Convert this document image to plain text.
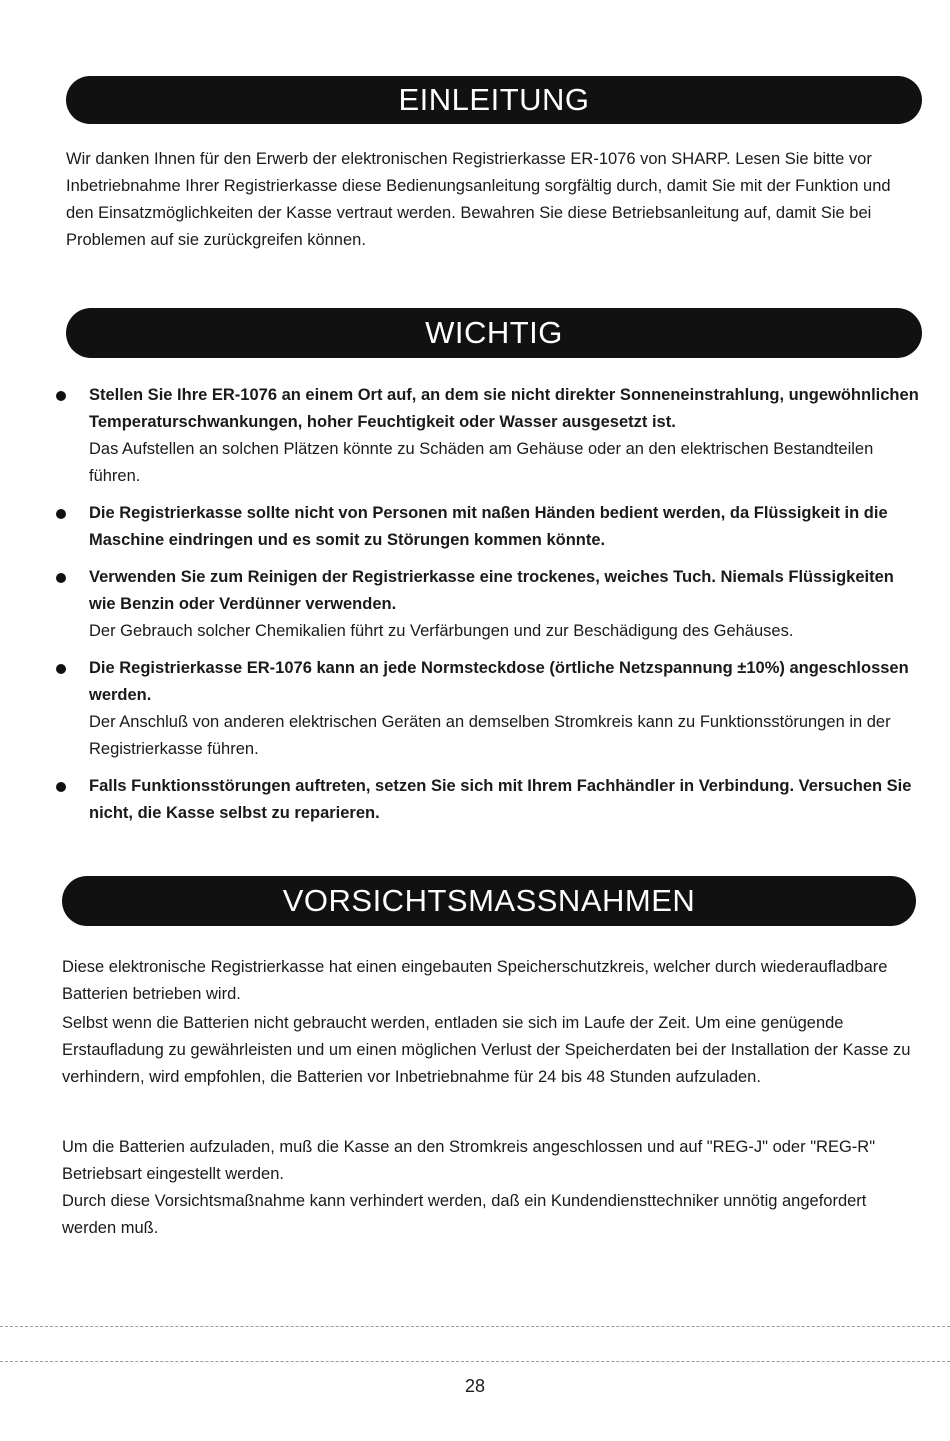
EINLEITUNG

Wir danken Ihnen für den Erwerb der elektronischen Registrierkasse ER-1076 von SHARP. Lesen Sie bitte vor Inbetriebnahme Ihrer Registrierkasse diese Bedienungsanleitung sorgfältig durch, damit Sie mit der Funktion und den Einsatzmöglichkeiten der Kasse vertraut werden. Bewahren Sie diese Betriebsanleitung auf, damit Sie bei Problemen auf sie zurückgreifen können.

WICHTIG
Stellen Sie Ihre ER-1076 an einem Ort auf, an dem sie nicht direkter Sonneneinstrahlung, ungewöhnlichen Temperaturschwankungen, hoher Feuchtigkeit oder Wasser ausgesetzt ist.
Das Aufstellen an solchen Plätzen könnte zu Schäden am Gehäuse oder an den elektrischen Bestandteilen führen.
Die Registrierkasse sollte nicht von Personen mit naßen Händen bedient werden, da Flüssigkeit in die Maschine eindringen und es somit zu Störungen kommen könnte.
Verwenden Sie zum Reinigen der Registrierkasse eine trockenes, weiches Tuch. Niemals Flüssigkeiten wie Benzin oder Verdünner verwenden.
Der Gebrauch solcher Chemikalien führt zu Verfärbungen und zur Beschädigung des Gehäuses.
Die Registrierkasse ER-1076 kann an jede Normsteckdose (örtliche Netzspannung ±10%) angeschlossen werden.
Der Anschluß von anderen elektrischen Geräten an demselben Stromkreis kann zu Funktionsstörungen in der Registrierkasse führen.
Falls Funktionsstörungen auftreten, setzen Sie sich mit Ihrem Fachhändler in Verbindung. Versuchen Sie nicht, die Kasse selbst zu reparieren.
VORSICHTSMASSNAHMEN

Diese elektronische Registrierkasse hat einen eingebauten Speicherschutzkreis, welcher durch wiederaufladbare Batterien betrieben wird.

Selbst wenn die Batterien nicht gebraucht werden, entladen sie sich im Laufe der Zeit. Um eine genügende Erstaufladung zu gewährleisten und um einen möglichen Verlust der Speicherdaten bei der Installation der Kasse zu verhindern, wird empfohlen, die Batterien vor Inbetriebnahme für 24 bis 48 Stunden aufzuladen.

Um die Batterien aufzuladen, muß die Kasse an den Stromkreis angeschlossen und auf "REG-J" oder "REG-R" Betriebsart eingestellt werden.

Durch diese Vorsichtsmaßnahme kann verhindert werden, daß ein Kundendiensttechniker unnötig angefordert werden muß.

28
